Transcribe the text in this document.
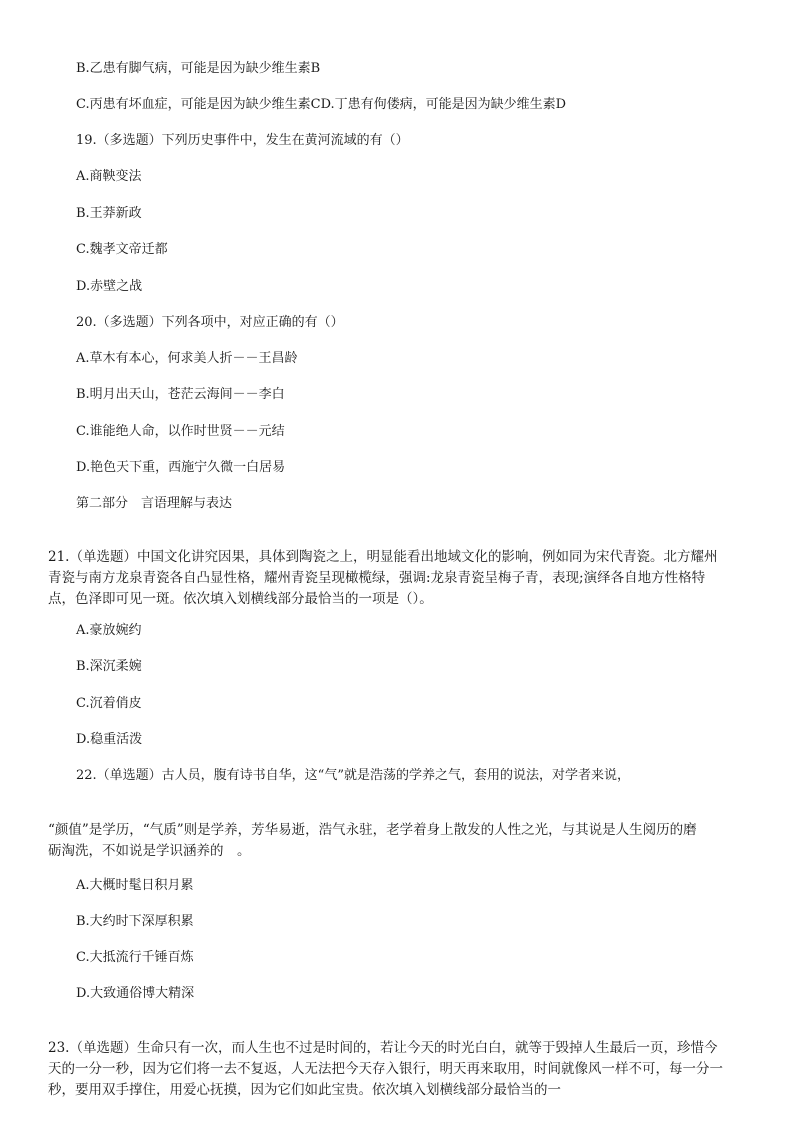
B.乙患有脚气病，可能是因为缺少维生素B
C.丙患有坏血症，可能是因为缺少维生素CD.丁患有佝偻病，可能是因为缺少维生素D
19.（多选题）下列历史事件中，发生在黄河流域的有（）
A.商鞅变法
B.王莽新政
C.魏孝文帝迁都
D.赤壁之战
20.（多选题）下列各项中，对应正确的有（）
A.草木有本心，何求美人折－－王昌龄
B.明月出天山，苍茫云海间－－李白
C.谁能绝人命，以作时世贤－－元结
D.艳色天下重，西施宁久微一白居易
第二部分　言语理解与表达
21.（单选题）中国文化讲究因果，具体到陶瓷之上，明显能看出地域文化的影响，例如同为宋代青瓷。北方耀州
青瓷与南方龙泉青瓷各自凸显性格，耀州青瓷呈现橄榄绿，强调:龙泉青瓷呈梅子青，表现;演绎各自地方性格特
点，色泽即可见一斑。依次填入划横线部分最恰当的一项是（）。
A.豪放婉约
B.深沉柔婉
C.沉着俏皮
D.稳重活泼
22.（单选题）古人员，腹有诗书自华，这“气”就是浩荡的学养之气，套用的说法，对学者来说，
“颜值”是学历，“气质”则是学养，芳华易逝，浩气永驻，老学着身上散发的人性之光，与其说是人生阅历的磨
砺淘洗，不如说是学识涵养的　。
A.大概时髦日积月累
B.大约时下深厚积累
C.大抵流行千锤百炼
D.大致通俗博大精深
23.（单选题）生命只有一次，而人生也不过是时间的，若让今天的时光白白，就等于毁掉人生最后一页，珍惜今
天的一分一秒，因为它们将一去不复返，人无法把今天存入银行，明天再来取用，时间就像风一样不可，每一分一
秒，要用双手撑住，用爱心抚摸，因为它们如此宝贵。依次填入划横线部分最恰当的一
